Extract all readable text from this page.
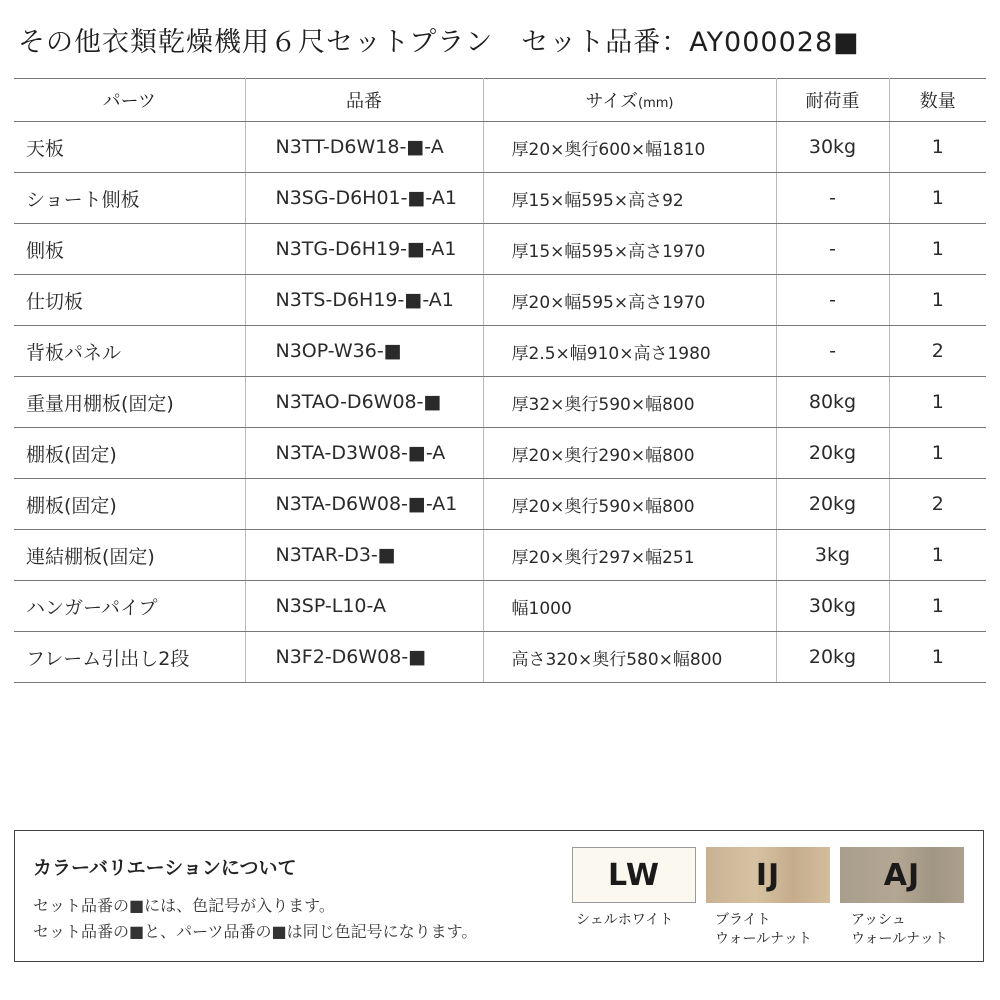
その他衣類乾燥機用６尺セットプラン　セット品番：AY000028■
パーツ	品番	サイズ(mm)	耐荷重	数量
天板	N3TT-D6W18-■-A	厚20×奥行600×幅1810	30kg	1
ショート側板	N3SG-D6H01-■-A1	厚15×幅595×高さ92	-	1
側板	N3TG-D6H19-■-A1	厚15×幅595×高さ1970	-	1
仕切板	N3TS-D6H19-■-A1	厚20×幅595×高さ1970	-	1
背板パネル	N3OP-W36-■	厚2.5×幅910×高さ1980	-	2
重量用棚板(固定)	N3TAO-D6W08-■	厚32×奥行590×幅800	80kg	1
棚板(固定)	N3TA-D3W08-■-A	厚20×奥行290×幅800	20kg	1
棚板(固定)	N3TA-D6W08-■-A1	厚20×奥行590×幅800	20kg	2
連結棚板(固定)	N3TAR-D3-■	厚20×奥行297×幅251	3kg	1
ハンガーパイプ	N3SP-L10-A	幅1000	30kg	1
フレーム引出し2段	N3F2-D6W08-■	高さ320×奥行580×幅800	20kg	1
カラーバリエーションについて
セット品番の■には、色記号が入ります。
セット品番の■と、パーツ品番の■は同じ色記号になります。
LW	IJ	AJ
シェルホワイト	ブライト
ウォールナット
アッシュ
ウォールナット
